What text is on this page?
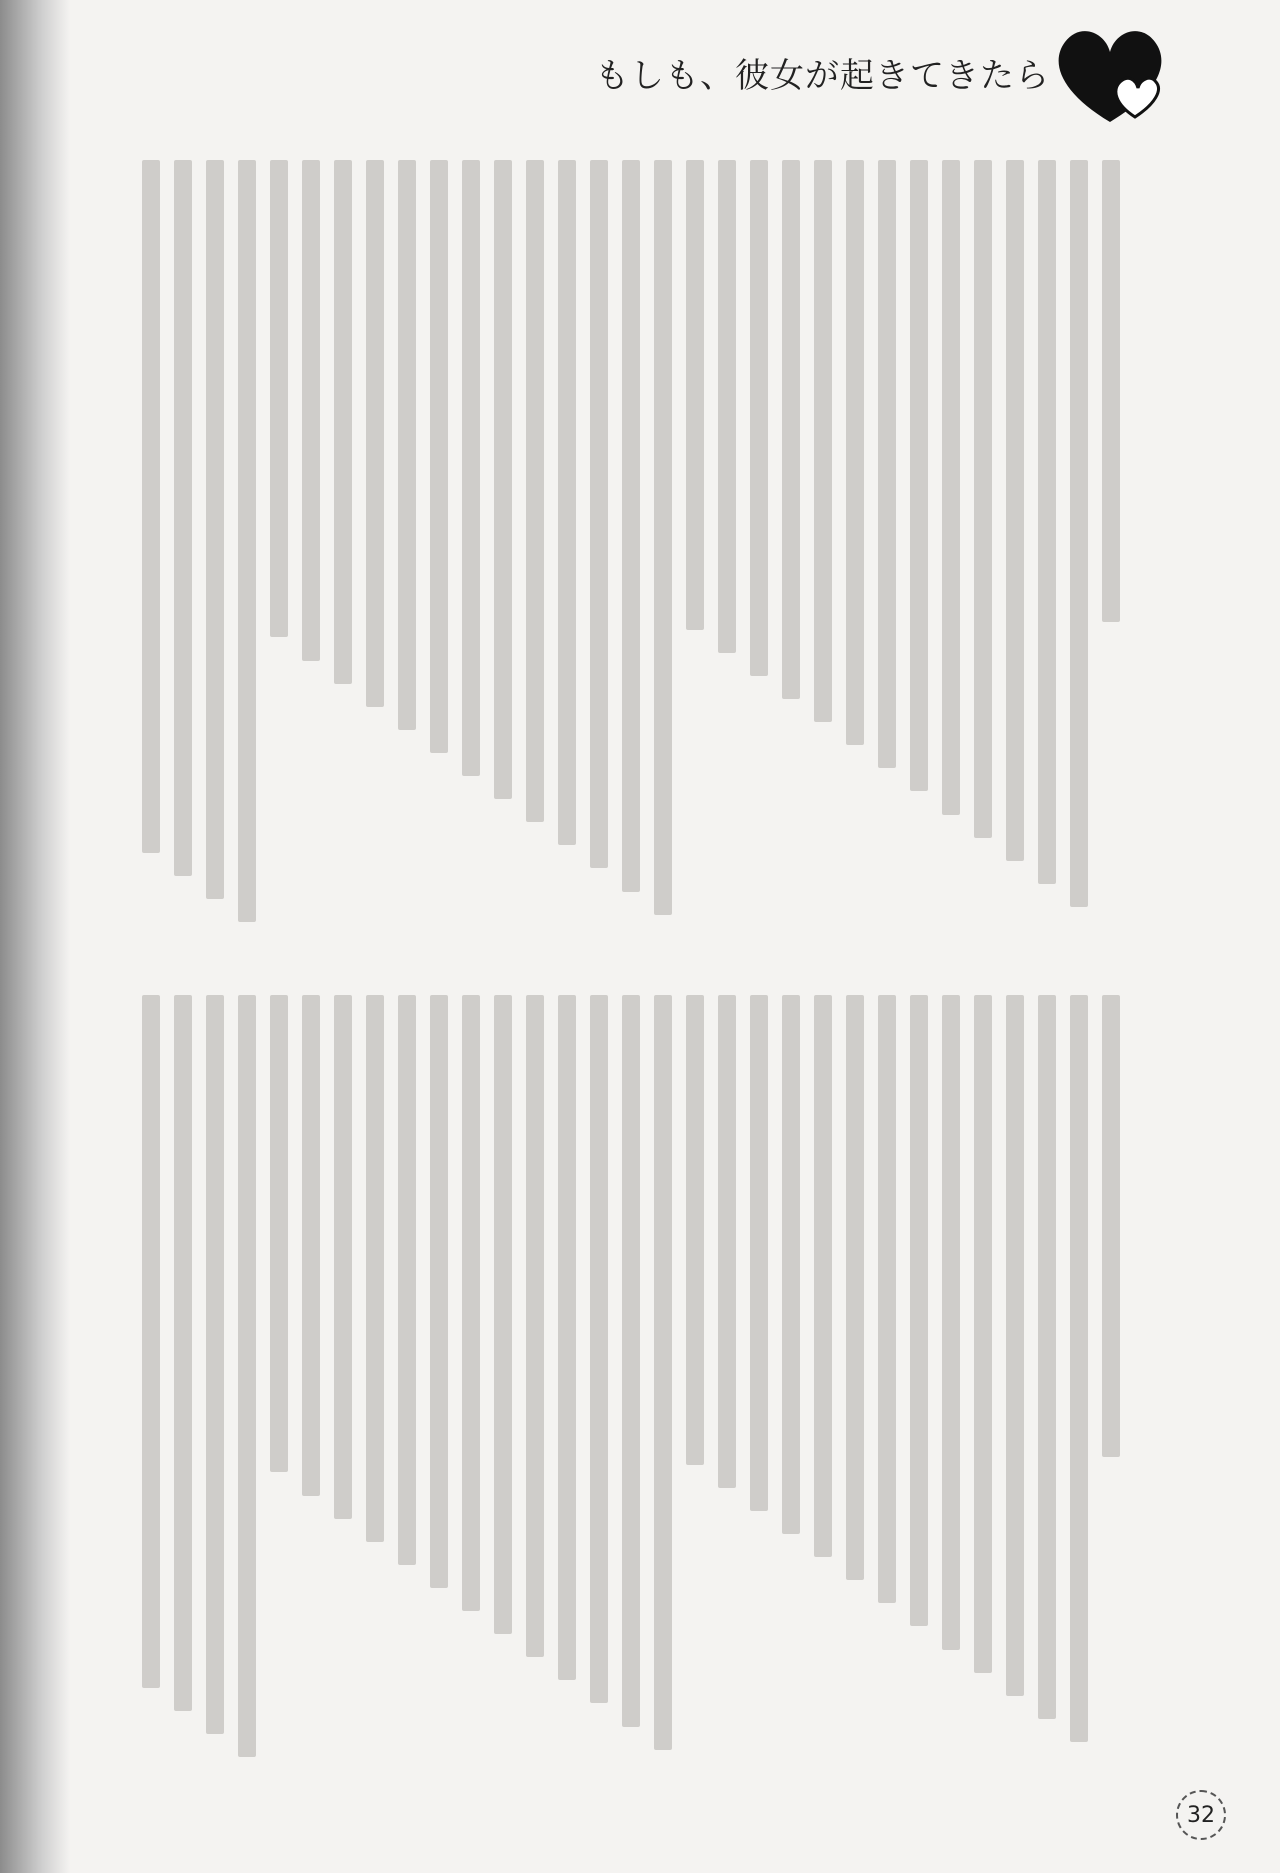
もしも、彼女が起きてきたら
32
